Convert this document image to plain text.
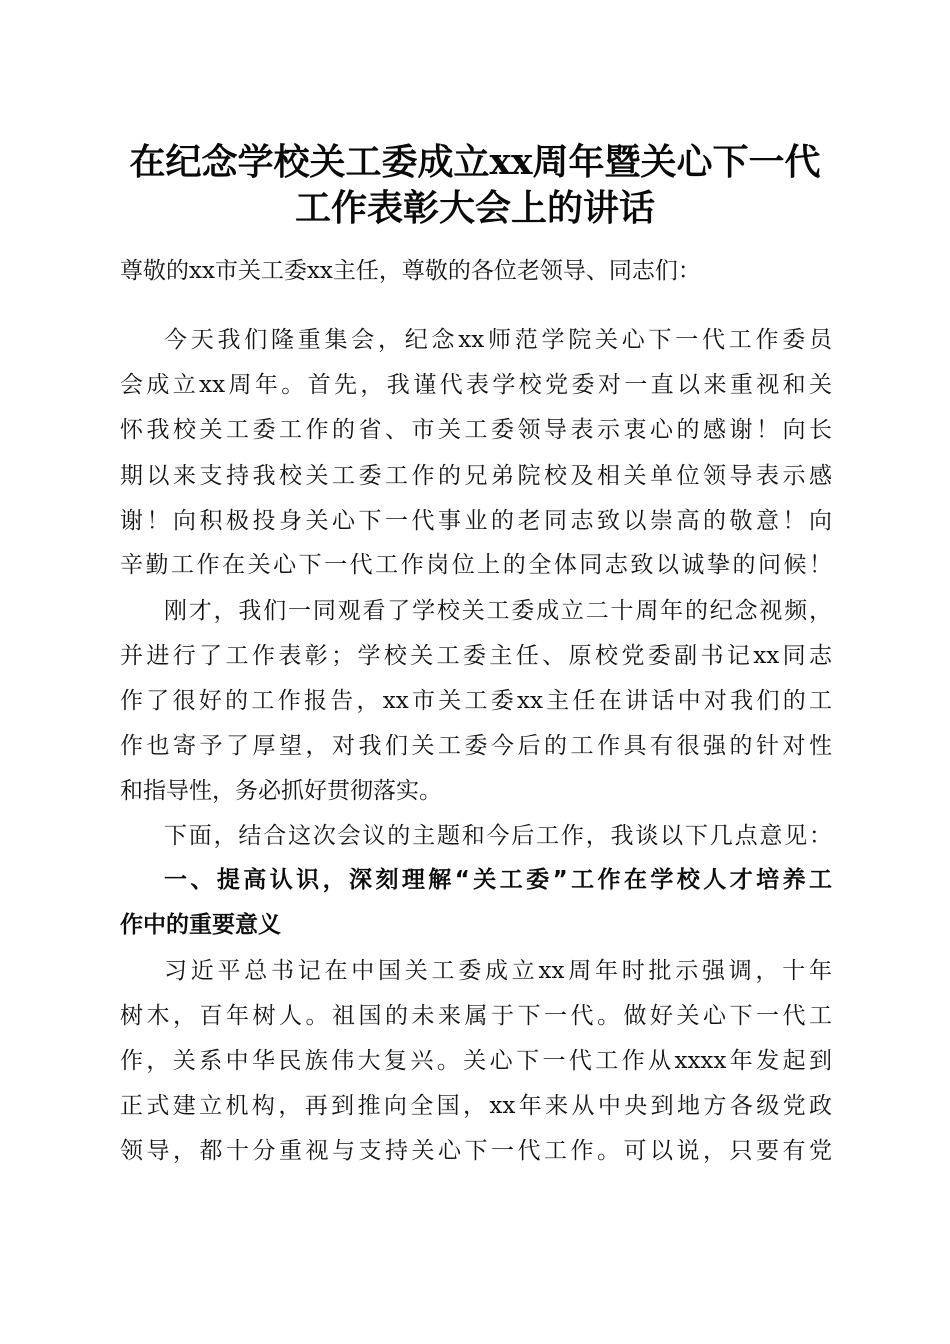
在纪念学校关工委成立xx周年暨关心下一代
工作表彰大会上的讲话
尊敬的xx市关工委xx主任，尊敬的各位老领导、同志们：
今天我们隆重集会，纪念xx师范学院关心下一代工作委员
会成立xx周年。首先，我谨代表学校党委对一直以来重视和关
怀我校关工委工作的省、市关工委领导表示衷心的感谢！向长
期以来支持我校关工委工作的兄弟院校及相关单位领导表示感
谢！向积极投身关心下一代事业的老同志致以崇高的敬意！向
辛勤工作在关心下一代工作岗位上的全体同志致以诚挚的问候！
刚才，我们一同观看了学校关工委成立二十周年的纪念视频，
并进行了工作表彰；学校关工委主任、原校党委副书记xx同志
作了很好的工作报告，xx市关工委xx主任在讲话中对我们的工
作也寄予了厚望，对我们关工委今后的工作具有很强的针对性
和指导性，务必抓好贯彻落实。
下面，结合这次会议的主题和今后工作，我谈以下几点意见：
一、提高认识，深刻理解“关工委”工作在学校人才培养工
作中的重要意义
习近平总书记在中国关工委成立xx周年时批示强调，十年
树木，百年树人。祖国的未来属于下一代。做好关心下一代工
作，关系中华民族伟大复兴。关心下一代工作从xxxx年发起到
正式建立机构，再到推向全国，xx年来从中央到地方各级党政
领导，都十分重视与支持关心下一代工作。可以说，只要有党
